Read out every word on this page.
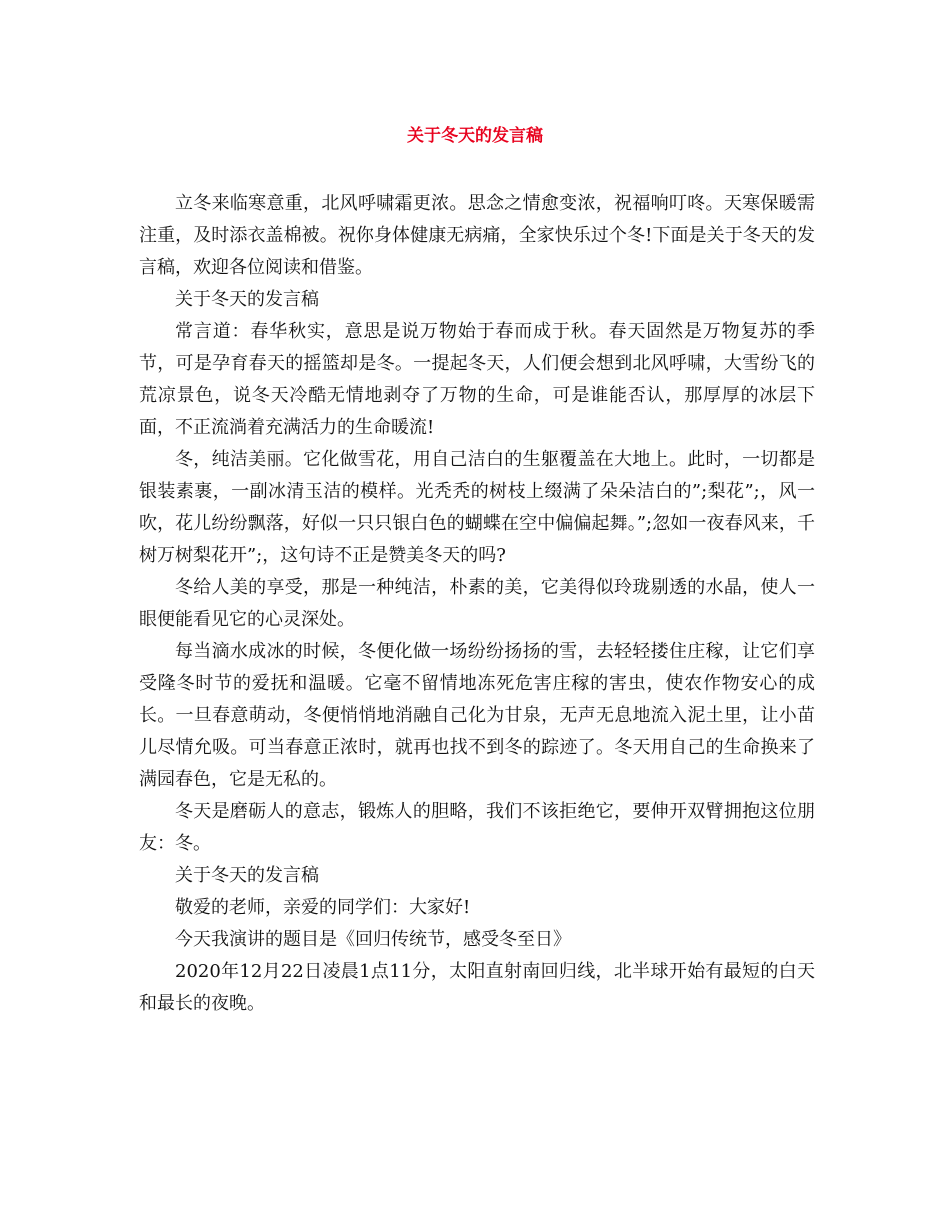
关于冬天的发言稿

立冬来临寒意重，北风呼啸霜更浓。思念之情愈变浓，祝福响叮咚。天寒保暖需注重，及时添衣盖棉被。祝你身体健康无病痛，全家快乐过个冬!下面是关于冬天的发言稿，欢迎各位阅读和借鉴。

关于冬天的发言稿

常言道：春华秋实，意思是说万物始于春而成于秋。春天固然是万物复苏的季节，可是孕育春天的摇篮却是冬。一提起冬天，人们便会想到北风呼啸，大雪纷飞的荒凉景色，说冬天冷酷无情地剥夺了万物的生命，可是谁能否认，那厚厚的冰层下面，不正流淌着充满活力的生命暖流!

冬，纯洁美丽。它化做雪花，用自己洁白的生躯覆盖在大地上。此时，一切都是银装素裹，一副冰清玉洁的模样。光秃秃的树枝上缀满了朵朵洁白的”;梨花”;，风一吹，花儿纷纷飘落，好似一只只银白色的蝴蝶在空中偏偏起舞。”;忽如一夜春风来，千树万树梨花开”;，这句诗不正是赞美冬天的吗?

冬给人美的享受，那是一种纯洁，朴素的美，它美得似玲珑剔透的水晶，使人一眼便能看见它的心灵深处。

每当滴水成冰的时候，冬便化做一场纷纷扬扬的雪，去轻轻搂住庄稼，让它们享受隆冬时节的爱抚和温暖。它毫不留情地冻死危害庄稼的害虫，使农作物安心的成长。一旦春意萌动，冬便悄悄地消融自己化为甘泉，无声无息地流入泥土里，让小苗儿尽情允吸。可当春意正浓时，就再也找不到冬的踪迹了。冬天用自己的生命换来了满园春色，它是无私的。

冬天是磨砺人的意志，锻炼人的胆略，我们不该拒绝它，要伸开双臂拥抱这位朋友：冬。

关于冬天的发言稿

敬爱的老师，亲爱的同学们：大家好!

今天我演讲的题目是《回归传统节，感受冬至日》

2020年12月22日凌晨1点11分，太阳直射南回归线，北半球开始有最短的白天和最长的夜晚。
